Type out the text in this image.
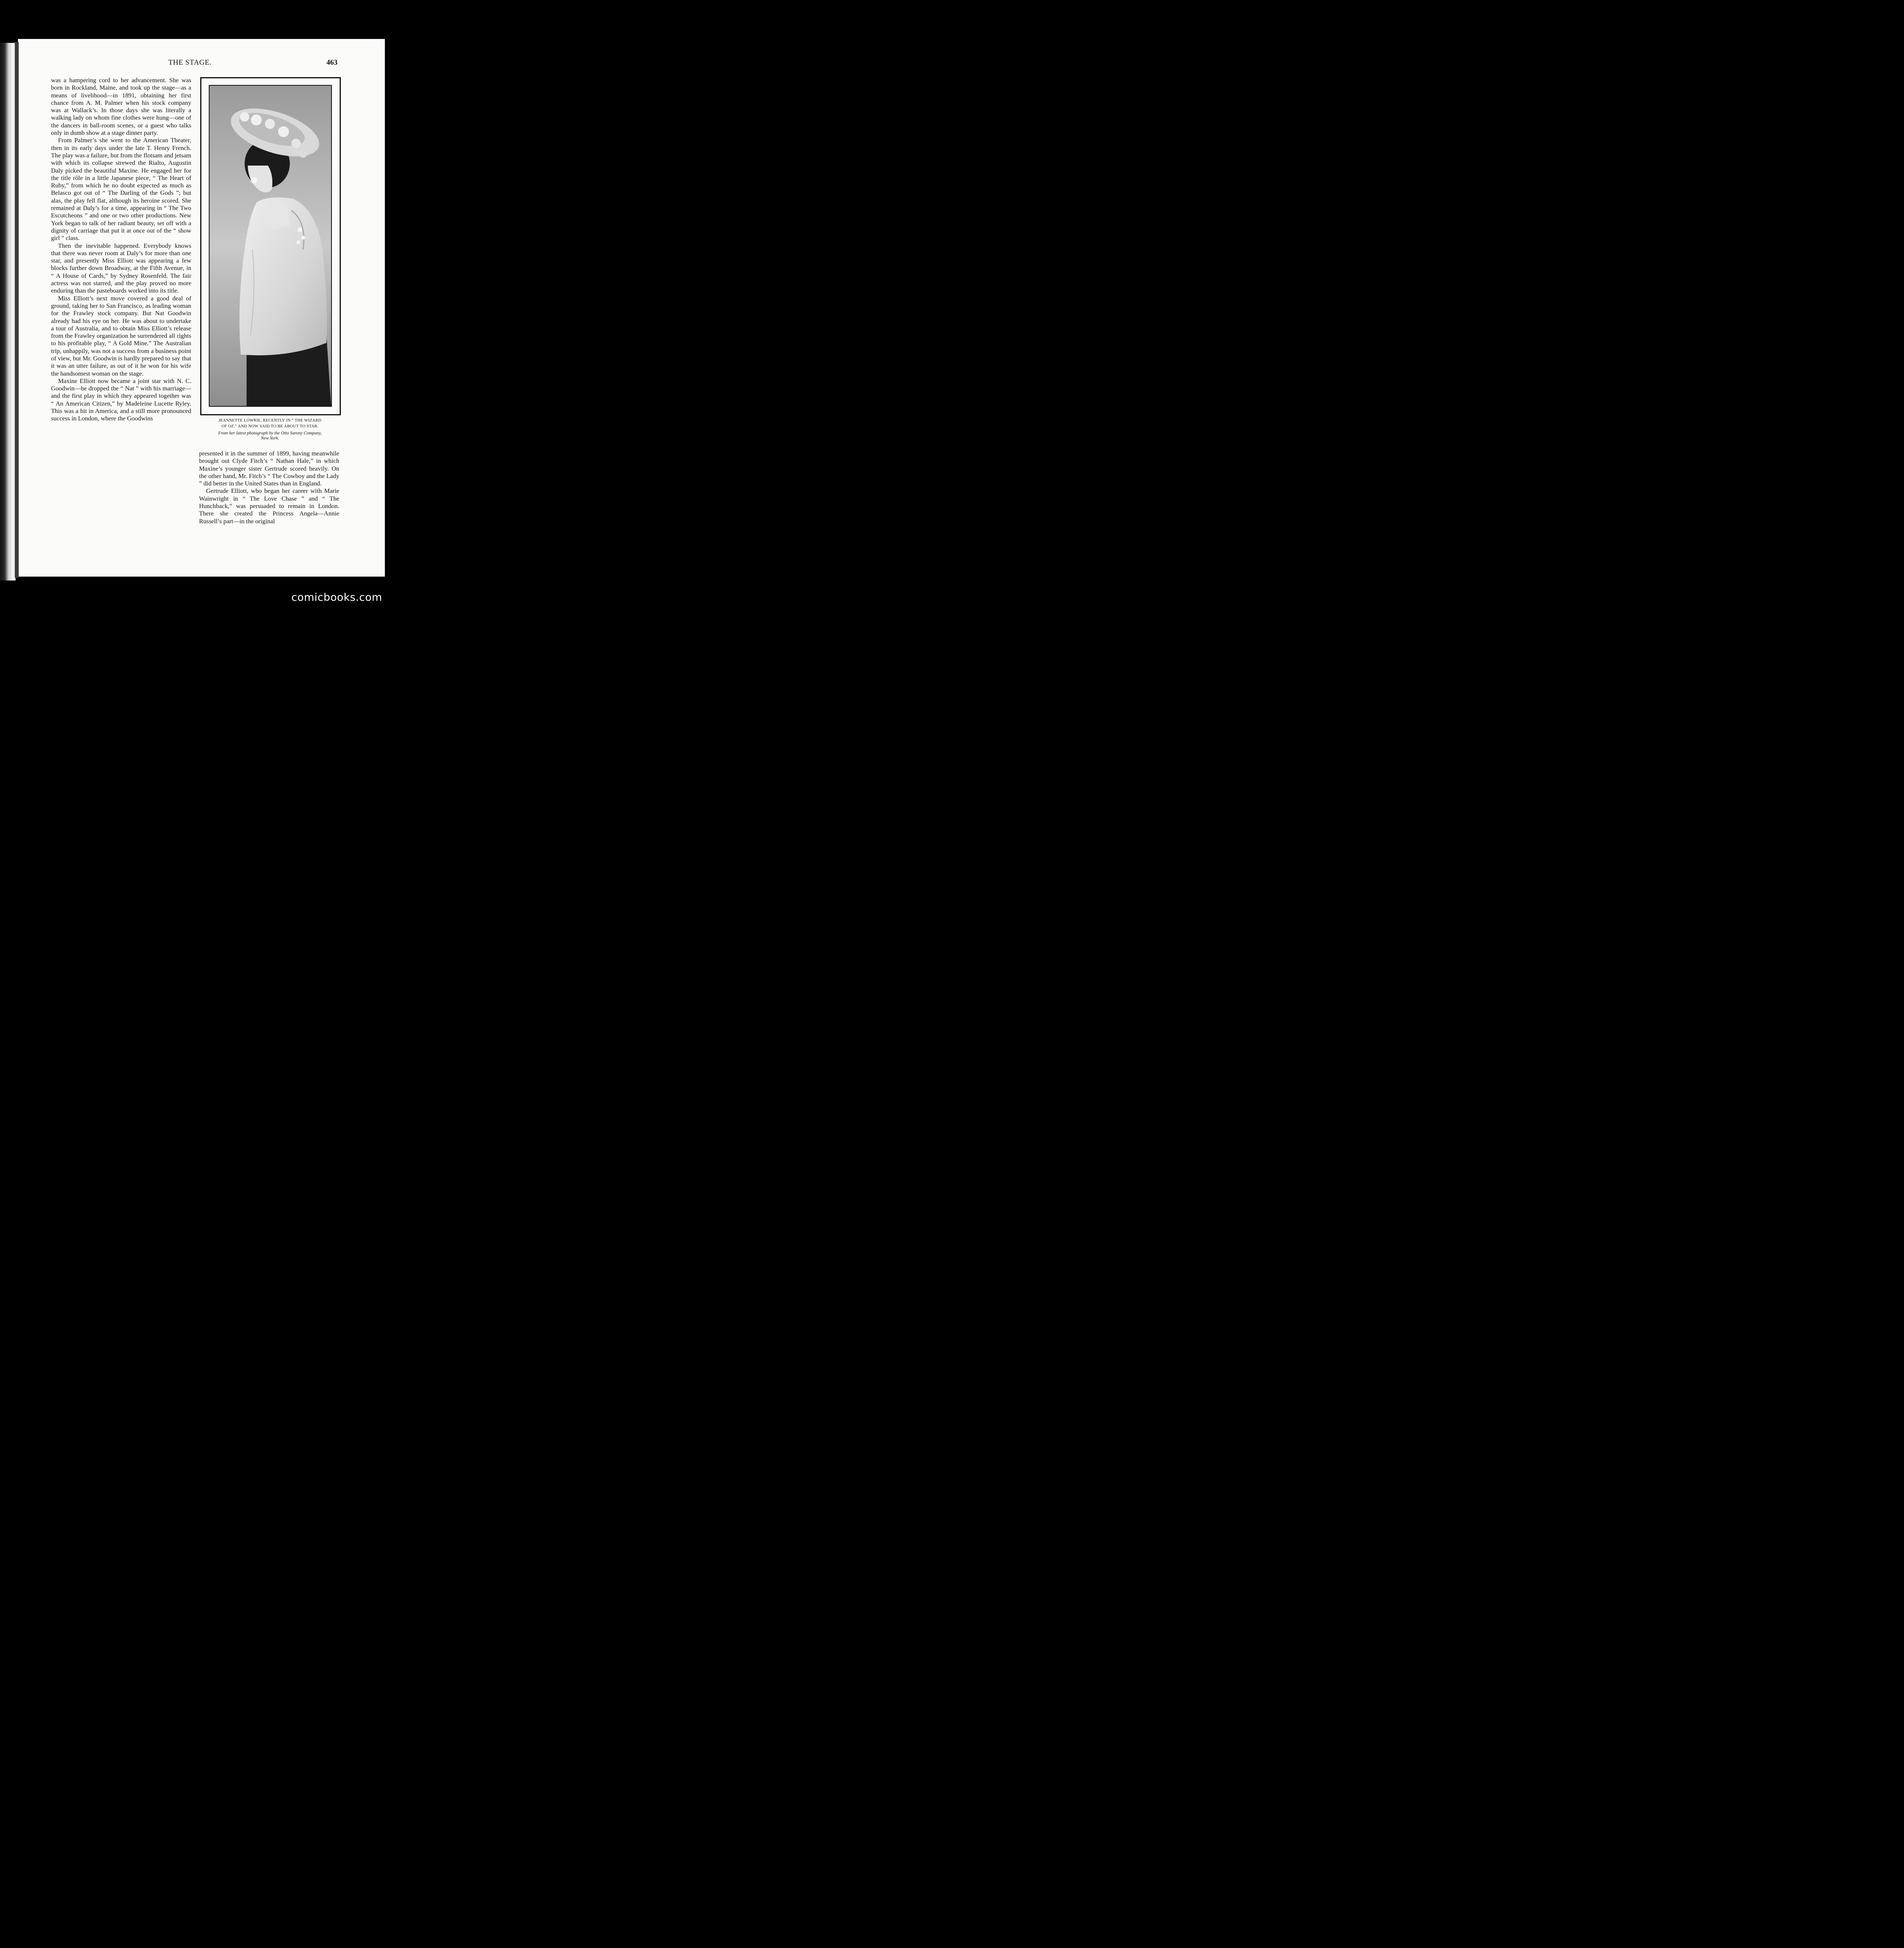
THE STAGE.	463

was a hampering cord to her advancement. She was born in Rockland, Maine, and took up the stage—as a means of livelihood—in 1891, obtaining her first chance from A. M. Palmer when his stock company was at Wallack’s. In those days she was literally a walking lady on whom fine clothes were hung—one of the dancers in ball-room scenes, or a guest who talks only in dumb show at a stage dinner party.

From Palmer’s she went to the American Theater, then in its early days under the late T. Henry French. The play was a failure, but from the flotsam and jetsam with which its collapse strewed the Rialto, Augustin Daly picked the beautiful Maxine. He engaged her for the title rôle in a little Japanese piece, “ The Heart of Ruby,” from which he no doubt expected as much as Belasco got out of “ The Darling of the Gods ”; but alas, the play fell flat, although its heroine scored. She remained at Daly’s for a time, appearing in “ The Two Escutcheons ” and one or two other productions. New York began to talk of her radiant beauty, set off with a dignity of carriage that put it at once out of the “ show girl ” class.

Then the inevitable happened. Everybody knows that there was never room at Daly’s for more than one star, and presently Miss Elliott was appearing a few blocks further down Broadway, at the Fifth Avenue, in “ A House of Cards,” by Sydney Rosenfeld. The fair actress was not starred, and the play proved no more enduring than the pasteboards worked into its title.

Miss Elliott’s next move covered a good deal of ground, taking her to San Francisco, as leading woman for the Frawley stock company. But Nat Goodwin already had his eye on her. He was about to undertake a tour of Australia, and to obtain Miss Elliott’s release from the Frawley organization he surrendered all rights to his profitable play, “ A Gold Mine.” The Australian trip, unhappily, was not a success from a business point of view, but Mr. Goodwin is hardly prepared to say that it was an utter failure, as out of it he won for his wife the handsomest woman on the stage.

Maxine Elliott now became a joint star with N. C. Goodwin—he dropped the “ Nat ” with his marriage—and the first play in which they appeared together was “ An American Citizen,” by Madeleine Lucette Ryley. This was a hit in America, and a still more pronounced success in London, where the Goodwins	JEANNETTE LOWRIE, RECENTLY IN “ THE WIZARD
OF OZ,” AND NOW SAID TO BE ABOUT TO STAR.
From her latest photograph by the Otto Sarony Company,
New York.

presented it in the summer of 1899, having meanwhile brought out Clyde Fitch’s “ Nathan Hale,” in which Maxine’s younger sister Gertrude scored heavily. On the other hand, Mr. Fitch’s “ The Cowboy and the Lady ” did better in the United States than in England.

Gertrude Elliott, who began her career with Marie Wainwright in “ The Love Chase ” and “ The Hunchback,” was persuaded to remain in London. There she created the Princess Angela—Annie Russell’s part—in the original

comicbooks.com
